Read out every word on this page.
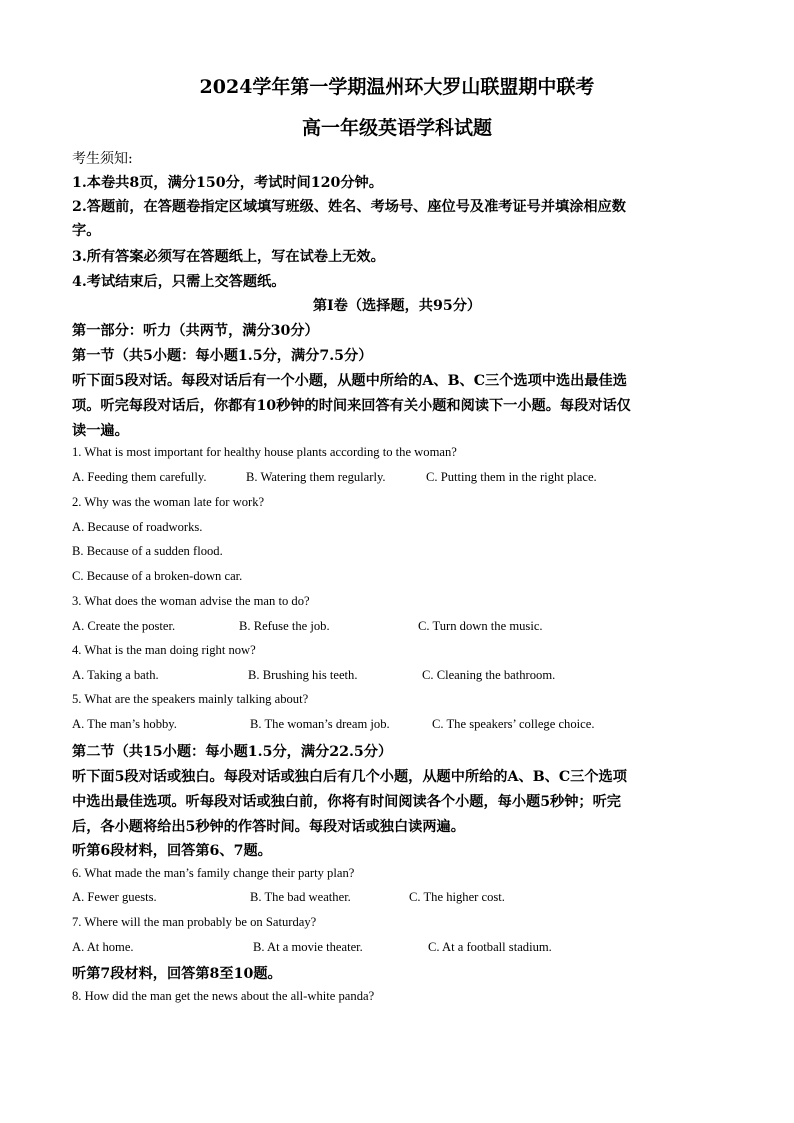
2024学年第一学期温州环大罗山联盟期中联考
高一年级英语学科试题
考生须知:
1.本卷共8页，满分150分，考试时间120分钟。
2.答题前，在答题卷指定区域填写班级、姓名、考场号、座位号及准考证号并填涂相应数
字。
3.所有答案必须写在答题纸上，写在试卷上无效。
4.考试结束后，只需上交答题纸。
第I卷（选择题，共95分）
第一部分：听力（共两节，满分30分）
第一节（共5小题：每小题1.5分，满分7.5分）
听下面5段对话。每段对话后有一个小题，从题中所给的A、B、C三个选项中选出最佳选
项。听完每段对话后，你都有10秒钟的时间来回答有关小题和阅读下一小题。每段对话仅
读一遍。
1. What is most important for healthy house plants according to the woman?
A. Feeding them carefully.	B. Watering them regularly.	C. Putting them in the right place.
2. Why was the woman late for work?
A. Because of roadworks.
B. Because of a sudden flood.
C. Because of a broken-down car.
3. What does the woman advise the man to do?
A. Create the poster.	B. Refuse the job.	C. Turn down the music.
4. What is the man doing right now?
A. Taking a bath.	B. Brushing his teeth.	C. Cleaning the bathroom.
5. What are the speakers mainly talking about?
A. The man’s hobby.	B. The woman’s dream job.	C. The speakers’ college choice.
第二节（共15小题：每小题1.5分，满分22.5分）
听下面5段对话或独白。每段对话或独白后有几个小题，从题中所给的A、B、C三个选项
中选出最佳选项。听每段对话或独白前，你将有时间阅读各个小题，每小题5秒钟；听完
后，各小题将给出5秒钟的作答时间。每段对话或独白读两遍。
听第6段材料，回答第6、7题。
6. What made the man’s family change their party plan?
A. Fewer guests.	B. The bad weather.	C. The higher cost.
7. Where will the man probably be on Saturday?
A. At home.	B. At a movie theater.	C. At a football stadium.
听第7段材料，回答第8至10题。
8. How did the man get the news about the all-white panda?
